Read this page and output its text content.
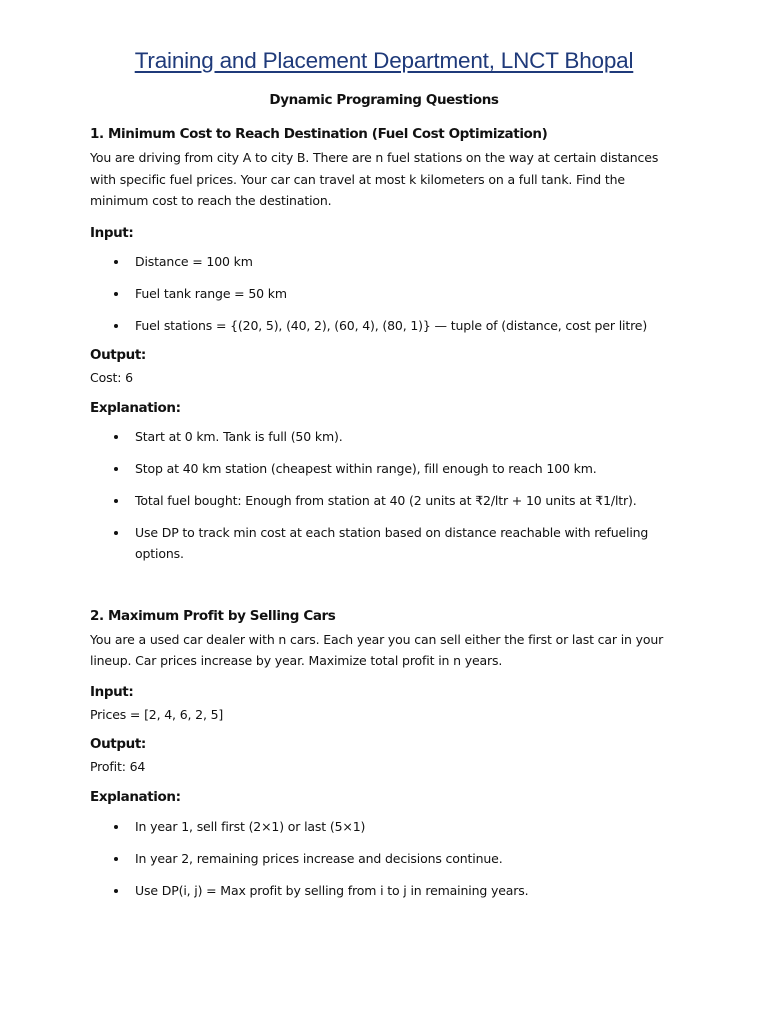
Training and Placement Department, LNCT Bhopal
Dynamic Programing Questions
1. Minimum Cost to Reach Destination (Fuel Cost Optimization)
You are driving from city A to city B. There are n fuel stations on the way at certain distances with specific fuel prices. Your car can travel at most k kilometers on a full tank. Find the minimum cost to reach the destination.
Input:
Distance = 100 km
Fuel tank range = 50 km
Fuel stations = {(20, 5), (40, 2), (60, 4), (80, 1)} — tuple of (distance, cost per litre)
Output:
Cost: 6
Explanation:
Start at 0 km. Tank is full (50 km).
Stop at 40 km station (cheapest within range), fill enough to reach 100 km.
Total fuel bought: Enough from station at 40 (2 units at ₹2/ltr + 10 units at ₹1/ltr).
Use DP to track min cost at each station based on distance reachable with refueling options.
2. Maximum Profit by Selling Cars
You are a used car dealer with n cars. Each year you can sell either the first or last car in your lineup. Car prices increase by year. Maximize total profit in n years.
Input:
Prices = [2, 4, 6, 2, 5]
Output:
Profit: 64
Explanation:
In year 1, sell first (2×1) or last (5×1)
In year 2, remaining prices increase and decisions continue.
Use DP(i, j) = Max profit by selling from i to j in remaining years.
